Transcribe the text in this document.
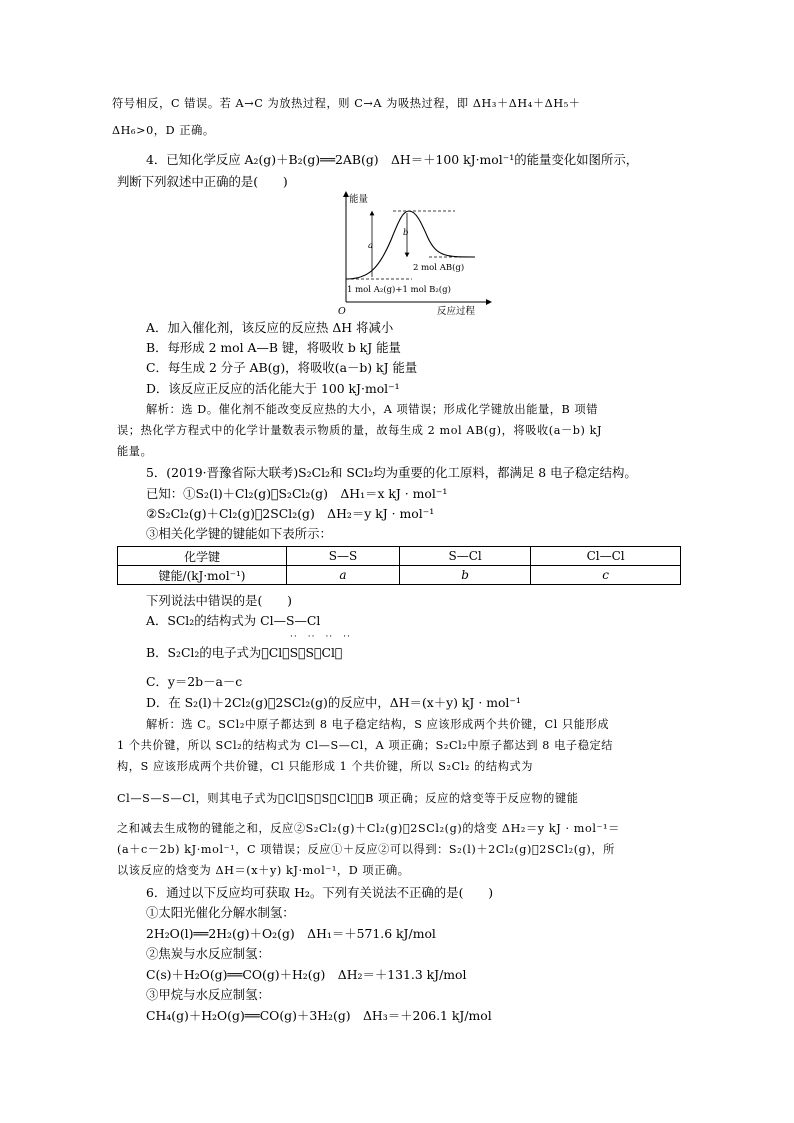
符号相反，C 错误。若 A→C 为放热过程，则 C→A 为吸热过程，即 ΔH₃＋ΔH₄＋ΔH₅＋
ΔH₆>0，D 正确。
4．已知化学反应 A₂(g)＋B₂(g)══2AB(g)　ΔH＝＋100 kJ·mol⁻¹的能量变化如图所示，
判断下列叙述中正确的是(　　)
能量
反应过程
O
a
b
2 mol AB(g)
1 mol A₂(g)+1 mol B₂(g)
A．加入催化剂，该反应的反应热 ΔH 将减小
B．每形成 2 mol A—B 键，将吸收 b kJ 能量
C．每生成 2 分子 AB(g)，将吸收(a－b) kJ 能量
D．该反应正反应的活化能大于 100 kJ·mol⁻¹
解析：选 D。催化剂不能改变反应热的大小，A 项错误；形成化学键放出能量，B 项错
误；热化学方程式中的化学计量数表示物质的量，故每生成 2 mol AB(g)，将吸收(a－b) kJ
能量。
5．(2019·晋豫省际大联考)S₂Cl₂和 SCl₂均为重要的化工原料，都满足 8 电子稳定结构。
已知：①S₂(l)＋Cl₂(g) S₂Cl₂(g)　ΔH₁＝x kJ · mol⁻¹
②S₂Cl₂(g)＋Cl₂(g) 2SCl₂(g)　ΔH₂＝y kJ · mol⁻¹
③相关化学键的键能如下表所示：
化学键	S—S	S—Cl	Cl—Cl
键能/(kJ·mol⁻¹)	a	b	c
下列说法中错误的是(　　)
A．SCl₂的结构式为 Cl—S—Cl
··　··　··　··
B．S₂Cl₂的电子式为 Cl S S Cl 
C．y＝2b－a－c
D．在 S₂(l)＋2Cl₂(g) 2SCl₂(g)的反应中，ΔH＝(x＋y) kJ · mol⁻¹
解析：选 C。SCl₂中原子都达到 8 电子稳定结构，S 应该形成两个共价键，Cl 只能形成
1 个共价键，所以 SCl₂的结构式为 Cl—S—Cl，A 项正确；S₂Cl₂中原子都达到 8 电子稳定结
构，S 应该形成两个共价键，Cl 只能形成 1 个共价键，所以 S₂Cl₂ 的结构式为
Cl—S—S—Cl，则其电子式为 Cl S S Cl ，B 项正确；反应的焓变等于反应物的键能
之和减去生成物的键能之和，反应②S₂Cl₂(g)＋Cl₂(g) 2SCl₂(g)的焓变 ΔH₂＝y kJ · mol⁻¹＝
(a＋c－2b) kJ·mol⁻¹，C 项错误；反应①＋反应②可以得到：S₂(l)＋2Cl₂(g) 2SCl₂(g)，所
以该反应的焓变为 ΔH＝(x＋y) kJ·mol⁻¹，D 项正确。
6．通过以下反应均可获取 H₂。下列有关说法不正确的是(　　)
①太阳光催化分解水制氢：
2H₂O(l)══2H₂(g)＋O₂(g)　ΔH₁＝＋571.6 kJ/mol
②焦炭与水反应制氢：
C(s)＋H₂O(g)══CO(g)＋H₂(g)　ΔH₂＝＋131.3 kJ/mol
③甲烷与水反应制氢：
CH₄(g)＋H₂O(g)══CO(g)＋3H₂(g)　ΔH₃＝＋206.1 kJ/mol
